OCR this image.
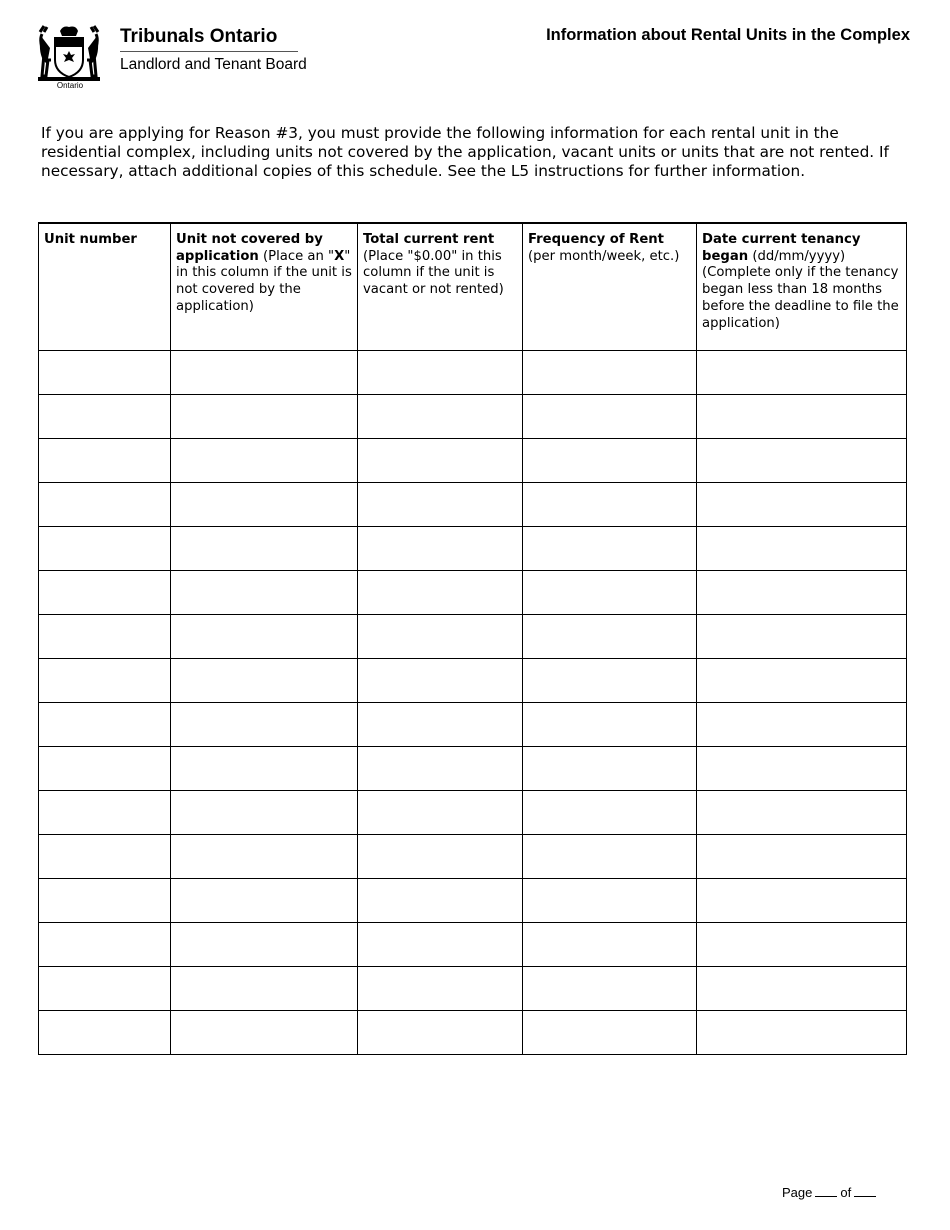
Ontario
Tribunals Ontario
Landlord and Tenant Board
Information about Rental Units in the Complex
If you are applying for Reason #3, you must provide the following information for each rental unit in the residential complex, including units not covered by the application, vacant units or units that are not rented. If necessary, attach additional copies of this schedule. See the L5 instructions for further information.
Unit number	Unit not covered by application (Place an "X" in this column if the unit is not covered by the application)	Total current rent (Place "$0.00" in this column if the unit is vacant or not rented)	Frequency of Rent (per month/week, etc.)	Date current tenancy began (dd/mm/yyyy) (Complete only if the tenancy began less than 18 months before the deadline to file the application)

Page of
